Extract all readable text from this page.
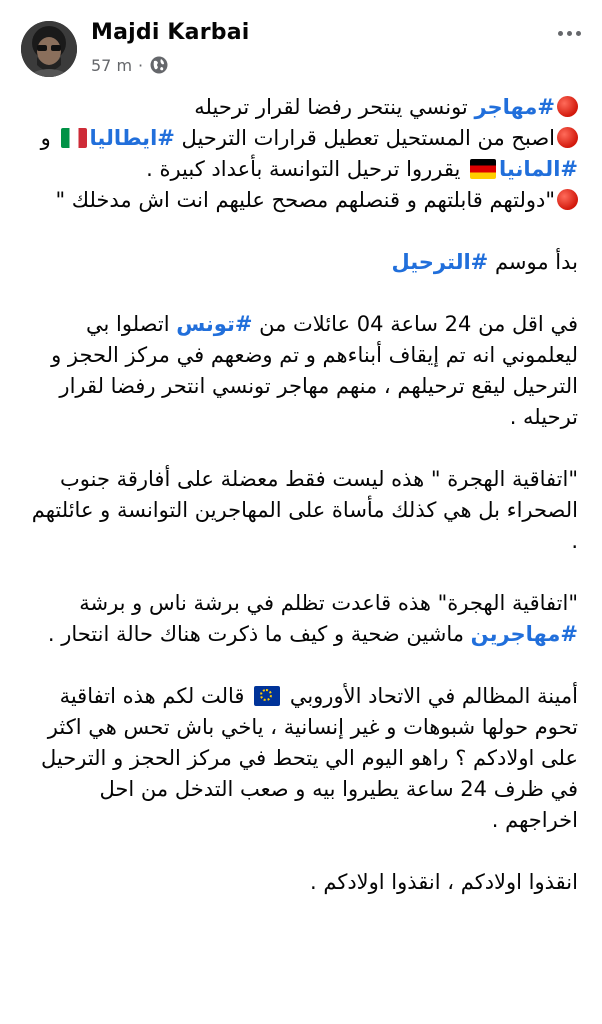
Majdi Karbai
57 m ·

#مهاجر تونسي ينتحر رفضا لقرار ترحيله

اصبح من المستحيل تعطيل قرارات الترحيل #ايطاليا و

#المانيا يقرروا ترحيل التوانسة بأعداد كبيرة .

"دولتهم قابلتهم و قنصلهم مصحح عليهم انت اش مدخلك "

بدأ موسم #الترحيل

في اقل من 24 ساعة 04 عائلات من #تونس اتصلوا بي ليعلموني انه تم إيقاف أبناءهم و تم وضعهم في مركز الحجز و الترحيل ليقع ترحيلهم ، منهم مهاجر تونسي انتحر رفضا لقرار ترحيله .

"اتفاقية الهجرة " هذه ليست فقط معضلة على أفارقة جنوب الصحراء بل هي كذلك مأساة على المهاجرين التوانسة و عائلتهم .

"اتفاقية الهجرة" هذه قاعدت تظلم في برشة ناس و برشة #مهاجرين ماشين ضحية و كيف ما ذكرت هناك حالة انتحار .

أمينة المظالم في الاتحاد الأوروبي  قالت لكم هذه اتفاقية تحوم حولها شبوهات و غير إنسانية ، ياخي باش تحس هي اكثر على اولادكم ؟ راهو اليوم الي يتحط في مركز الحجز و الترحيل في ظرف 24 ساعة يطيروا بيه و صعب التدخل من احل اخراجهم .

انقذوا اولادكم ، انقذوا اولادكم .
